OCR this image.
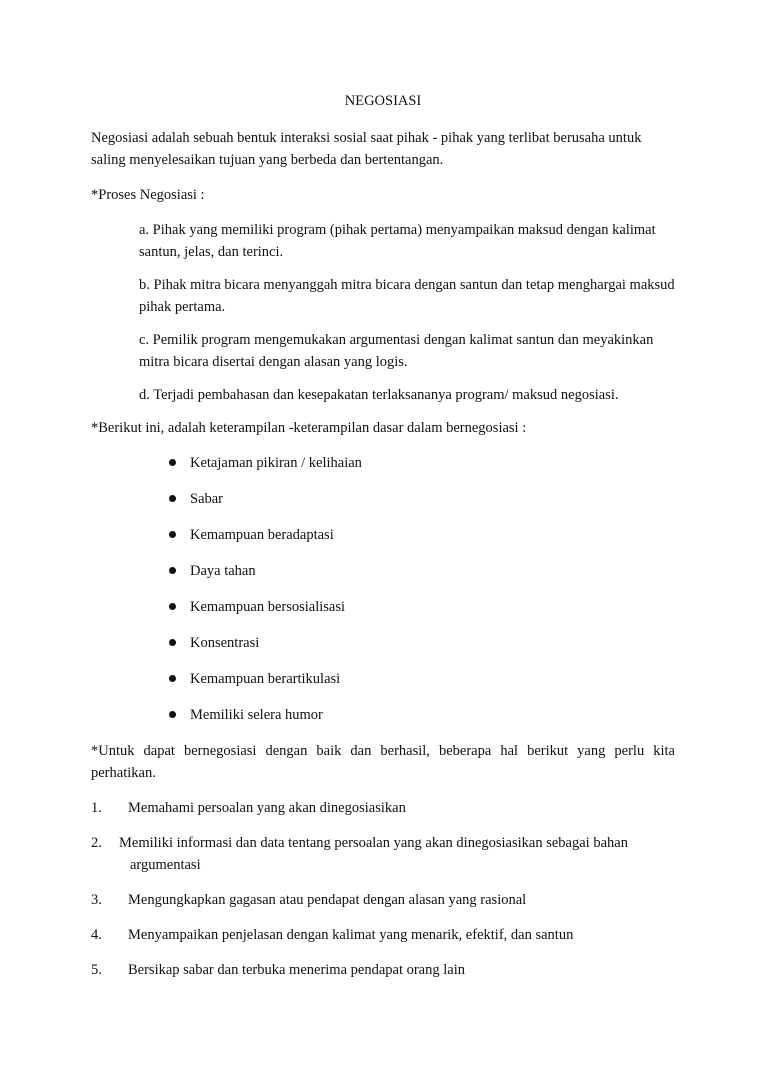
NEGOSIASI

Negosiasi adalah sebuah bentuk interaksi sosial saat pihak - pihak yang terlibat berusaha untuk saling menyelesaikan tujuan yang berbeda dan bertentangan.

*Proses Negosiasi :

a. Pihak yang memiliki program (pihak pertama) menyampaikan maksud dengan kalimat santun, jelas, dan terinci.

b. Pihak mitra bicara menyanggah mitra bicara dengan santun dan tetap menghargai maksud pihak pertama.

c. Pemilik program mengemukakan argumentasi dengan kalimat santun dan meyakinkan mitra bicara disertai dengan alasan yang logis.

d. Terjadi pembahasan dan kesepakatan terlaksananya program/ maksud negosiasi.

*Berikut ini, adalah keterampilan -keterampilan dasar dalam bernegosiasi :

Ketajaman pikiran / kelihaian
Sabar
Kemampuan beradaptasi
Daya tahan
Kemampuan bersosialisasi
Konsentrasi
Kemampuan berartikulasi
Memiliki selera humor

*Untuk dapat bernegosiasi dengan baik dan berhasil, beberapa hal berikut yang perlu kita perhatikan.

1. Memahami persoalan yang akan dinegosiasikan
2. Memiliki informasi dan data tentang persoalan yang akan dinegosiasikan sebagai bahan
argumentasi
3. Mengungkapkan gagasan atau pendapat dengan alasan yang rasional
4. Menyampaikan penjelasan dengan kalimat yang menarik, efektif, dan santun
5. Bersikap sabar dan terbuka menerima pendapat orang lain
